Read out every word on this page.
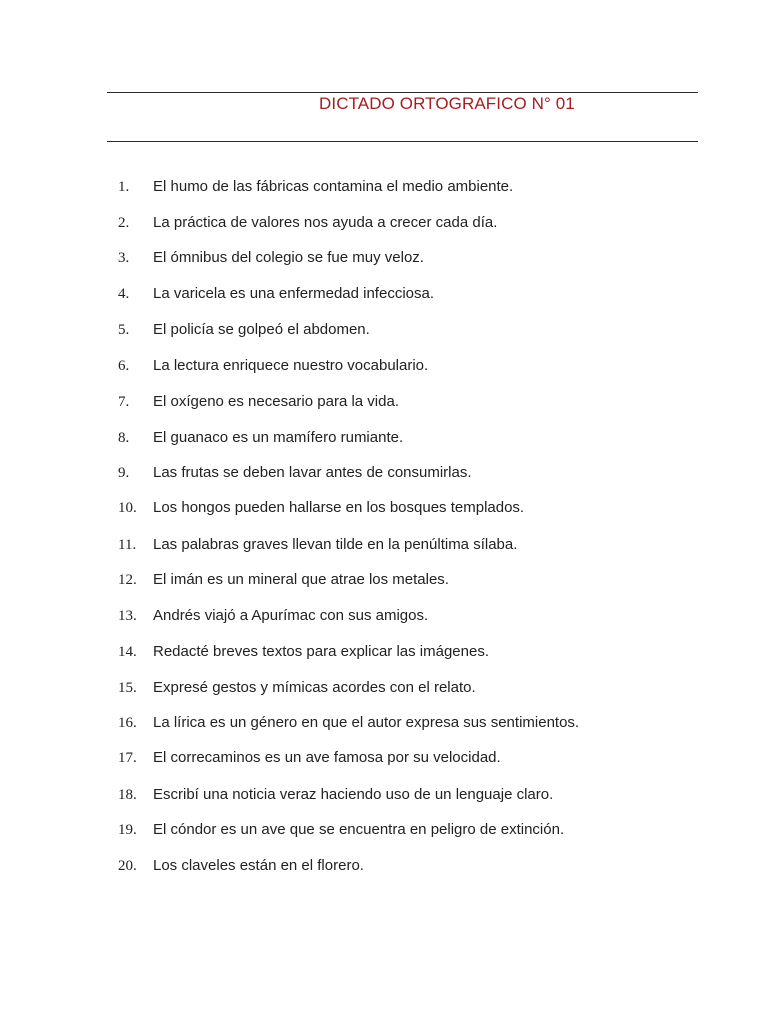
DICTADO ORTOGRAFICO N° 01
1. El humo de las fábricas contamina el medio ambiente.
2. La práctica de valores nos ayuda a crecer cada día.
3. El ómnibus del colegio se fue muy veloz.
4. La varicela es una enfermedad infecciosa.
5. El policía se golpeó el abdomen.
6. La lectura enriquece nuestro vocabulario.
7. El oxígeno es necesario para la vida.
8. El guanaco es un mamífero rumiante.
9. Las frutas se deben lavar antes de consumirlas.
10. Los hongos pueden hallarse en los bosques templados.
11. Las palabras graves llevan tilde en la penúltima sílaba.
12. El imán es un mineral que atrae los metales.
13. Andrés viajó a Apurímac con sus amigos.
14. Redacté breves textos para explicar las imágenes.
15. Expresé gestos y mímicas acordes con el relato.
16. La lírica es un género en que el autor expresa sus sentimientos.
17. El correcaminos es un ave famosa por su velocidad.
18. Escribí una noticia veraz haciendo uso de un lenguaje claro.
19. El cóndor es un ave que se encuentra en peligro de extinción.
20. Los claveles están en el florero.
